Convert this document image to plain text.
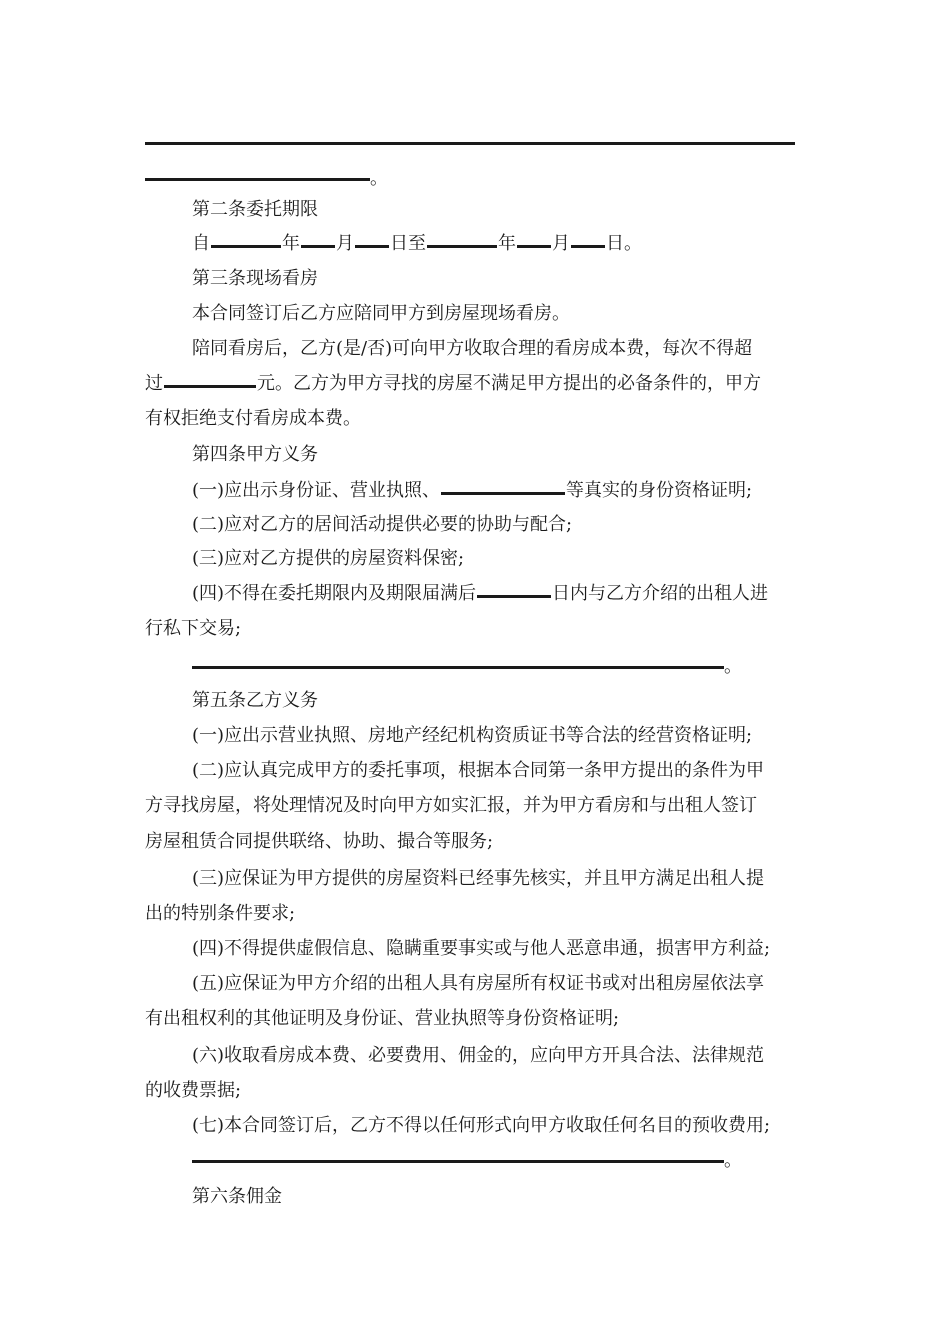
。
第二条委托期限
自	年 月 日至	年 月 日。
第三条现场看房
本合同签订后乙方应陪同甲方到房屋现场看房。
陪同看房后，乙方(是/否)可向甲方收取合理的看房成本费，每次不得超
过	元。乙方为甲方寻找的房屋不满足甲方提出的必备条件的，甲方
有权拒绝支付看房成本费。
第四条甲方义务
(一)应出示身份证、营业执照、	等真实的身份资格证明;
(二)应对乙方的居间活动提供必要的协助与配合;
(三)应对乙方提供的房屋资料保密;
(四)不得在委托期限内及期限届满后	日内与乙方介绍的出租人进
行私下交易;
。
第五条乙方义务
(一)应出示营业执照、房地产经纪机构资质证书等合法的经营资格证明;
(二)应认真完成甲方的委托事项，根据本合同第一条甲方提出的条件为甲
方寻找房屋，将处理情况及时向甲方如实汇报，并为甲方看房和与出租人签订
房屋租赁合同提供联络、协助、撮合等服务;
(三)应保证为甲方提供的房屋资料已经事先核实，并且甲方满足出租人提
出的特别条件要求;
(四)不得提供虚假信息、隐瞒重要事实或与他人恶意串通，损害甲方利益;
(五)应保证为甲方介绍的出租人具有房屋所有权证书或对出租房屋依法享
有出租权利的其他证明及身份证、营业执照等身份资格证明;
(六)收取看房成本费、必要费用、佣金的，应向甲方开具合法、法律规范
的收费票据;
(七)本合同签订后，乙方不得以任何形式向甲方收取任何名目的预收费用;
。
第六条佣金
